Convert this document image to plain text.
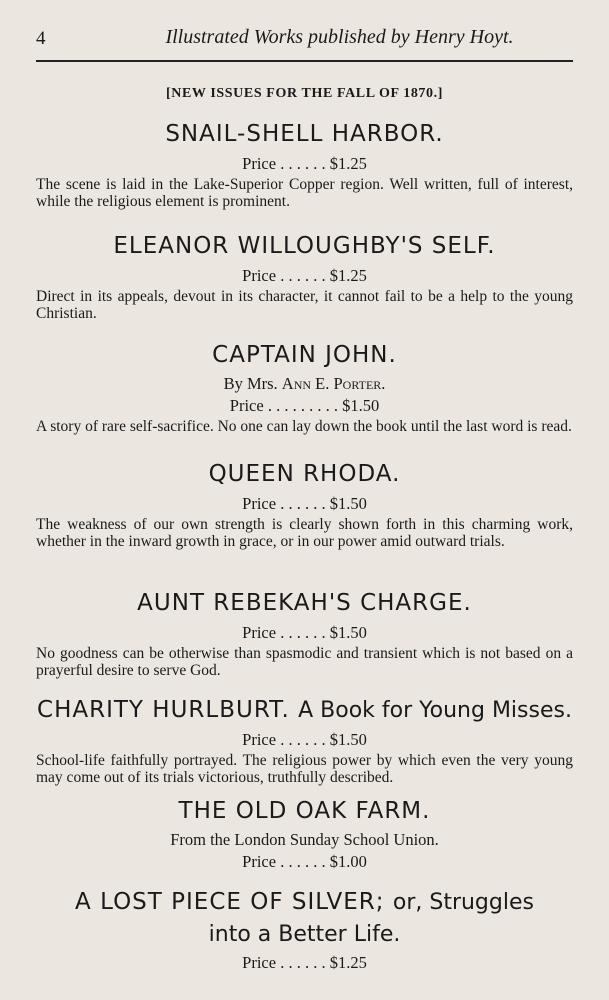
4	Illustrated Works published by Henry Hoyt.
[NEW ISSUES FOR THE FALL OF 1870.]
SNAIL-SHELL HARBOR.
Price . . . . . . $1.25
The scene is laid in the Lake-Superior Copper region. Well written, full of interest, while the religious element is prominent.
ELEANOR WILLOUGHBY'S SELF.
Price . . . . . . $1.25
Direct in its appeals, devout in its character, it cannot fail to be a help to the young Christian.
CAPTAIN JOHN.
By Mrs. Ann E. Porter.
Price . . . . . . . . . $1.50
A story of rare self-sacrifice. No one can lay down the book until the last word is read.
QUEEN RHODA.
Price . . . . . . $1.50
The weakness of our own strength is clearly shown forth in this charming work, whether in the inward growth in grace, or in our power amid outward trials.
AUNT REBEKAH'S CHARGE.
Price . . . . . . $1.50
No goodness can be otherwise than spasmodic and transient which is not based on a prayerful desire to serve God.
CHARITY HURLBURT. A Book for Young Misses.
Price . . . . . . $1.50
School-life faithfully portrayed. The religious power by which even the very young may come out of its trials victorious, truthfully described.
THE OLD OAK FARM.
From the London Sunday School Union.
Price . . . . . . $1.00
A LOST PIECE OF SILVER; or, Struggles
into a Better Life.
Price . . . . . . $1.25
